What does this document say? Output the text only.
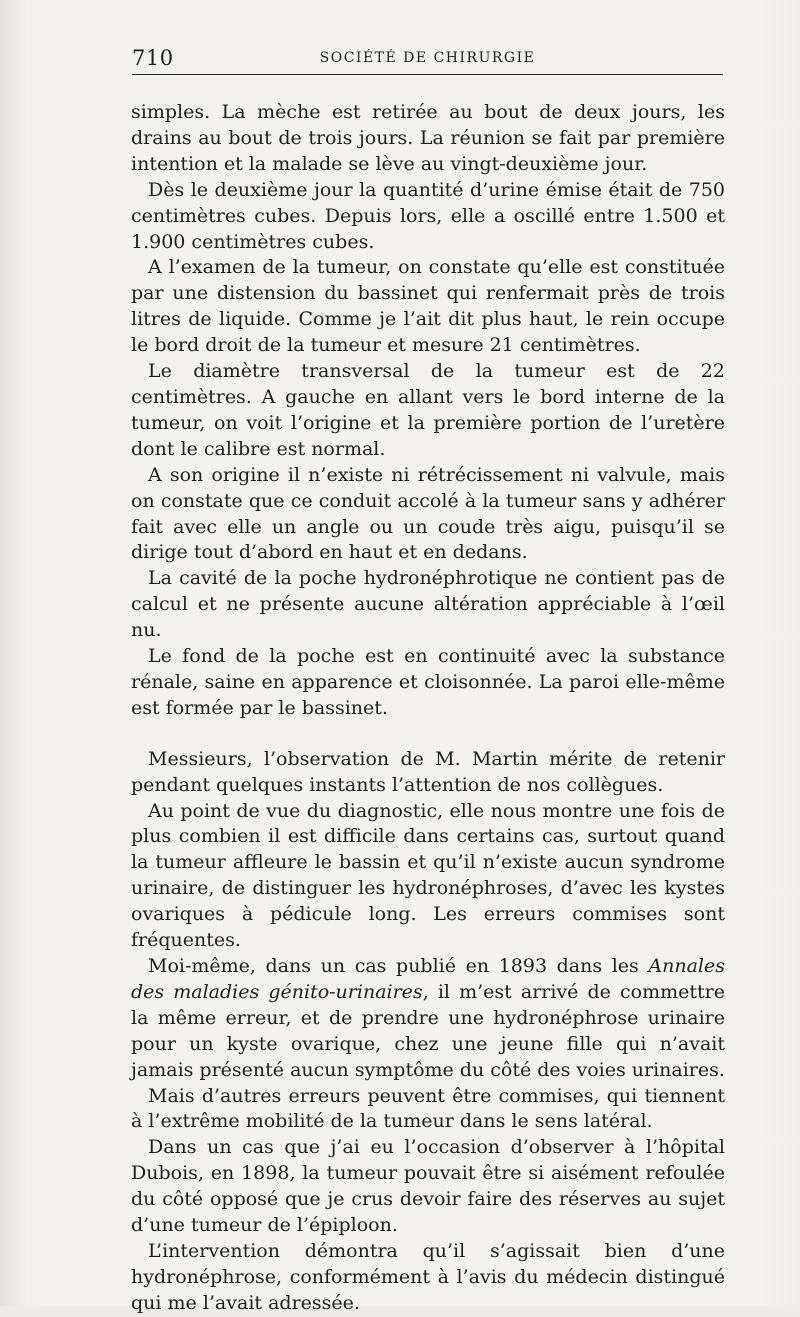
710	SOCIÉTÉ DE CHIRURGIE

simples. La mèche est retirée au bout de deux jours, les drains au bout de trois jours. La réunion se fait par première intention et la malade se lève au vingt-deuxième jour.

Dès le deuxième jour la quantité d’urine émise était de 750 centimètres cubes. Depuis lors, elle a oscillé entre 1.500 et 1.900 centimètres cubes.

A l’examen de la tumeur, on constate qu’elle est constituée par une distension du bassinet qui renfermait près de trois litres de liquide. Comme je l’ait dit plus haut, le rein occupe le bord droit de la tumeur et mesure 21 centimètres.

Le diamètre transversal de la tumeur est de 22 centimètres. A gauche en allant vers le bord interne de la tumeur, on voit l’origine et la première portion de l’uretère dont le calibre est normal.

A son origine il n’existe ni rétrécissement ni valvule, mais on constate que ce conduit accolé à la tumeur sans y adhérer fait avec elle un angle ou un coude très aigu, puisqu’il se dirige tout d’abord en haut et en dedans.

La cavité de la poche hydronéphrotique ne contient pas de calcul et ne présente aucune altération appréciable à l’œil nu.

Le fond de la poche est en continuité avec la substance rénale, saine en apparence et cloisonnée. La paroi elle-même est formée par le bassinet.

Messieurs, l’observation de M. Martin mérite de retenir pendant quelques instants l’attention de nos collègues.

Au point de vue du diagnostic, elle nous montre une fois de plus combien il est difficile dans certains cas, surtout quand la tumeur affleure le bassin et qu’il n’existe aucun syndrome urinaire, de distinguer les hydronéphroses, d’avec les kystes ovariques à pédicule long. Les erreurs commises sont fréquentes.

Moi-même, dans un cas publié en 1893 dans les Annales des maladies génito-urinaires, il m’est arrivé de commettre la même erreur, et de prendre une hydronéphrose urinaire pour un kyste ovarique, chez une jeune fille qui n’avait jamais présenté aucun symptôme du côté des voies urinaires.

Mais d’autres erreurs peuvent être commises, qui tiennent à l’extrême mobilité de la tumeur dans le sens latéral.

Dans un cas que j’ai eu l’occasion d’observer à l’hôpital Dubois, en 1898, la tumeur pouvait être si aisément refoulée du côté opposé que je crus devoir faire des réserves au sujet d’une tumeur de l’épiploon.

L’intervention démontra qu’il s’agissait bien d’une hydronéphrose, conformément à l’avis du médecin distingué qui me l’avait adressée.
